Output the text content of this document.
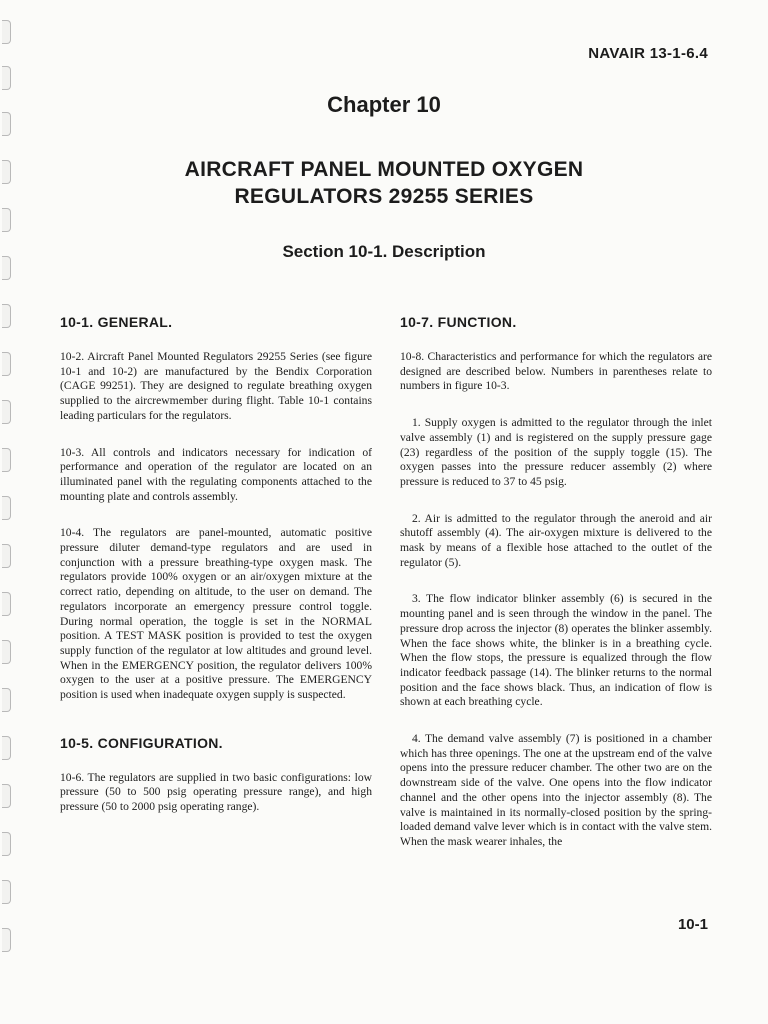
NAVAIR 13-1-6.4
Chapter 10
AIRCRAFT PANEL MOUNTED OXYGEN
REGULATORS 29255 SERIES
Section 10-1. Description
10-1. GENERAL.

10-2. Aircraft Panel Mounted Regulators 29255 Series (see figure 10-1 and 10-2) are manufactured by the Bendix Corporation (CAGE 99251). They are designed to regulate breathing oxygen supplied to the aircrewmember during flight. Table 10-1 contains leading particulars for the regulators.

10-3. All controls and indicators necessary for indication of performance and operation of the regulator are located on an illuminated panel with the regulating components attached to the mounting plate and controls assembly.

10-4. The regulators are panel-mounted, automatic positive pressure diluter demand-type regulators and are used in conjunction with a pressure breathing-type oxygen mask. The regulators provide 100% oxygen or an air/oxygen mixture at the correct ratio, depending on altitude, to the user on demand. The regulators incorporate an emergency pressure control toggle. During normal operation, the toggle is set in the NORMAL position. A TEST MASK position is provided to test the oxygen supply function of the regulator at low altitudes and ground level. When in the EMERGENCY position, the regulator delivers 100% oxygen to the user at a positive pressure. The EMERGENCY position is used when inadequate oxygen supply is suspected.

10-5. CONFIGURATION.

10-6. The regulators are supplied in two basic configurations: low pressure (50 to 500 psig operating pressure range), and high pressure (50 to 2000 psig operating range).

10-7. FUNCTION.

10-8. Characteristics and performance for which the regulators are designed are described below. Numbers in parentheses relate to numbers in figure 10-3.

1. Supply oxygen is admitted to the regulator through the inlet valve assembly (1) and is registered on the supply pressure gage (23) regardless of the position of the supply toggle (15). The oxygen passes into the pressure reducer assembly (2) where pressure is reduced to 37 to 45 psig.

2. Air is admitted to the regulator through the aneroid and air shutoff assembly (4). The air-oxygen mixture is delivered to the mask by means of a flexible hose attached to the outlet of the regulator (5).

3. The flow indicator blinker assembly (6) is secured in the mounting panel and is seen through the window in the panel. The pressure drop across the injector (8) operates the blinker assembly. When the face shows white, the blinker is in a breathing cycle. When the flow stops, the pressure is equalized through the flow indicator feedback passage (14). The blinker returns to the normal position and the face shows black. Thus, an indication of flow is shown at each breathing cycle.

4. The demand valve assembly (7) is positioned in a chamber which has three openings. The one at the upstream end of the valve opens into the pressure reducer chamber. The other two are on the downstream side of the valve. One opens into the flow indicator channel and the other opens into the injector assembly (8). The valve is maintained in its normally-closed position by the spring-loaded demand valve lever which is in contact with the valve stem. When the mask wearer inhales, the

10-1
